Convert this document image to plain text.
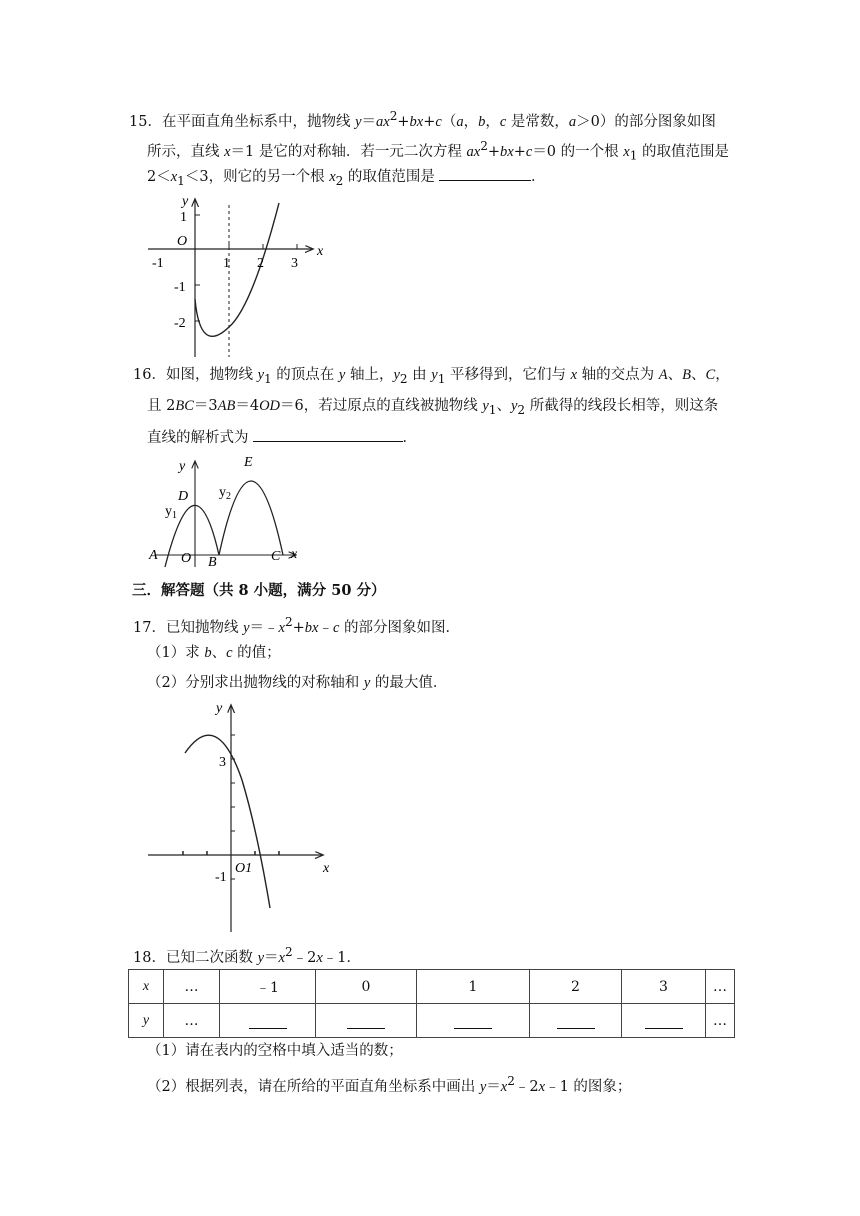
15．在平面直角坐标系中，抛物线 $y=ax^2+bx+c(a$，b，c 是常数，a＞0）的部分图象如图
所示，直线 x＝1 是它的对称轴．若一元二次方程 $ax^2+bx+c=0$ 的一个根 $x_1$ 的取值范围是
$2<x_1<3$，则它的另一个根 $x_2$ 的取值范围是	．
y
x
O
-1	1 2 3
1
-1
-2
16．如图，抛物线 $y_1$ 的顶点在 y 轴上，$y_2$ 由 $y_1$ 平移得到，它们与 x 轴的交点为 A、B、C，
且 2BC＝3AB＝4OD＝6，若过原点的直线被抛物线 $y_1$、$y_2$ 所截得的线段长相等，则这条
直线的解析式为	．
y
x
D
E
A O B	C
$y_1$
$y_2$
三．解答题（共 8 小题，满分 50 分）
17．已知抛物线 $y=﹣x^2+bx﹣c$ 的部分图象如图．
（1）求 b、c 的值；
（2）分别求出抛物线的对称轴和 y 的最大值．
y
x
3
-1
O1
18．已知二次函数 $y=x^2﹣2x﹣1$．
x	…	﹣1	0	1	2	3	…
y	…						…
（1）请在表内的空格中填入适当的数；
（2）根据列表，请在所给的平面直角坐标系中画出 $y=x^2﹣2x﹣1$ 的图象；
